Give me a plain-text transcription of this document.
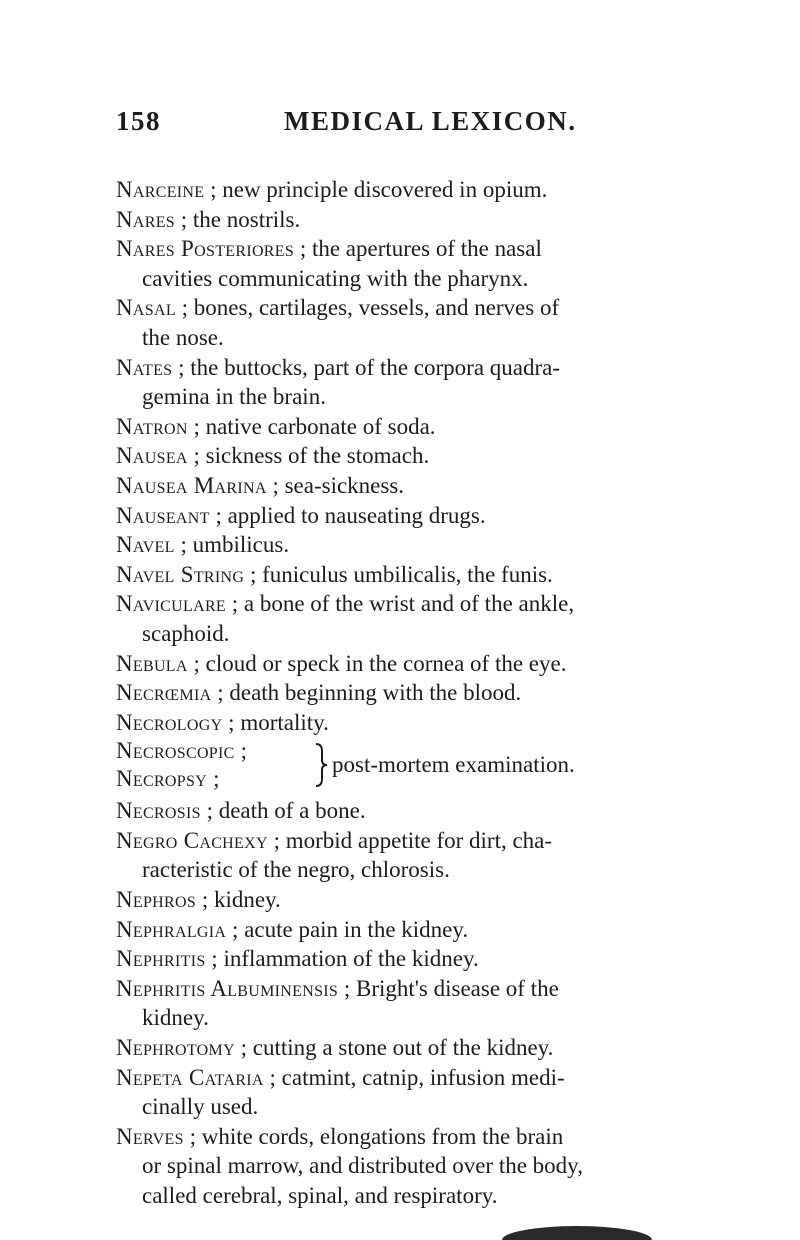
158	MEDICAL LEXICON.
Narceine ; new principle discovered in opium.
Nares ; the nostrils.
Nares Posteriores ; the apertures of the nasal
cavities communicating with the pharynx.
Nasal ; bones, cartilages, vessels, and nerves of
the nose.
Nates ; the buttocks, part of the corpora quadra-
gemina in the brain.
Natron ; native carbonate of soda.
Nausea ; sickness of the stomach.
Nausea Marina ; sea-sickness.
Nauseant ; applied to nauseating drugs.
Navel ; umbilicus.
Navel String ; funiculus umbilicalis, the funis.
Naviculare ; a bone of the wrist and of the ankle,
scaphoid.
Nebula ; cloud or speck in the cornea of the eye.
Necrœmia ; death beginning with the blood.
Necrology ; mortality.
Necroscopic ;
Necropsy ;
post-mortem examination.
Necrosis ; death of a bone.
Negro Cachexy ; morbid appetite for dirt, cha-
racteristic of the negro, chlorosis.
Nephros ; kidney.
Nephralgia ; acute pain in the kidney.
Nephritis ; inflammation of the kidney.
Nephritis Albuminensis ; Bright's disease of the
kidney.
Nephrotomy ; cutting a stone out of the kidney.
Nepeta Cataria ; catmint, catnip, infusion medi-
cinally used.
Nerves ; white cords, elongations from the brain
or spinal marrow, and distributed over the body,
called cerebral, spinal, and respiratory.
